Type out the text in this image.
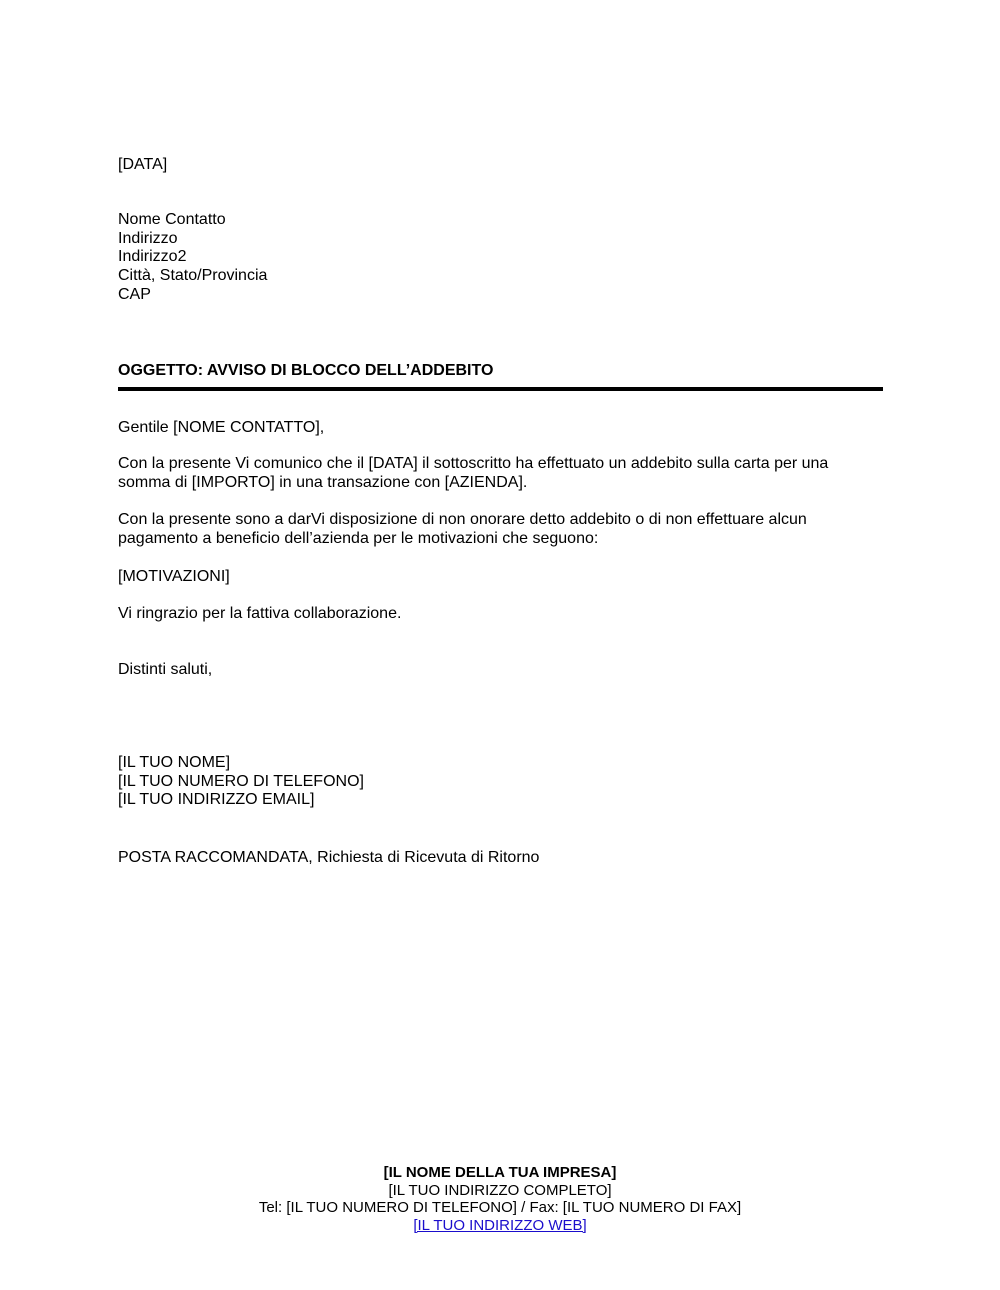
[DATA]
Nome Contatto
Indirizzo
Indirizzo2
Città, Stato/Provincia
CAP
OGGETTO: AVVISO DI BLOCCO DELL’ADDEBITO
Gentile [NOME CONTATTO],
Con la presente Vi comunico che il [DATA] il sottoscritto ha effettuato un addebito sulla carta per una
somma di [IMPORTO] in una transazione con [AZIENDA].
Con la presente sono a darVi disposizione di non onorare detto addebito o di non effettuare alcun
pagamento a beneficio dell’azienda per le motivazioni che seguono:
[MOTIVAZIONI]
Vi ringrazio per la fattiva collaborazione.
Distinti saluti,
[IL TUO NOME]
[IL TUO NUMERO DI TELEFONO]
[IL TUO INDIRIZZO EMAIL]
POSTA RACCOMANDATA, Richiesta di Ricevuta di Ritorno
[IL NOME DELLA TUA IMPRESA]
[IL TUO INDIRIZZO COMPLETO]
Tel: [IL TUO NUMERO DI TELEFONO] / Fax: [IL TUO NUMERO DI FAX]
[IL TUO INDIRIZZO WEB]
